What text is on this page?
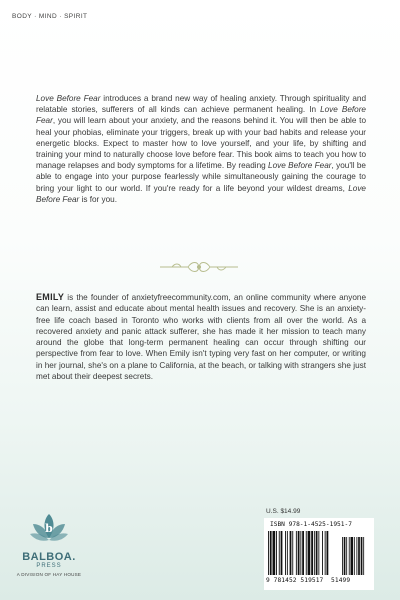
BODY · MIND · SPIRIT

Love Before Fear introduces a brand new way of healing anxiety. Through spirituality and relatable stories, sufferers of all kinds can achieve permanent healing. In Love Before Fear, you will learn about your anxiety, and the reasons behind it. You will then be able to heal your phobias, eliminate your triggers, break up with your bad habits and release your energetic blocks. Expect to master how to love yourself, and your life, by shifting and training your mind to naturally choose love before fear. This book aims to teach you how to manage relapses and body symptoms for a lifetime. By reading Love Before Fear, you'll be able to engage into your purpose fearlessly while simultaneously gaining the courage to bring your light to our world. If you're ready for a life beyond your wildest dreams, Love Before Fear is for you.

EMILY is the founder of anxietyfreecommunity.com, an online community where anyone can learn, assist and educate about mental health issues and recovery. She is an anxiety-free life coach based in Toronto who works with clients from all over the world. As a recovered anxiety and panic attack sufferer, she has made it her mission to teach many around the globe that long-term permanent healing can occur through shifting our perspective from fear to love. When Emily isn't typing very fast on her computer, or writing in her journal, she's on a plane to California, at the beach, or talking with strangers she just met about their deepest secrets.

b
BALBOA.
PRESS
A DIVISION OF HAY HOUSE
U.S. $14.99
ISBN 978-1-4525-1951-7
9 781452 519517 51499
